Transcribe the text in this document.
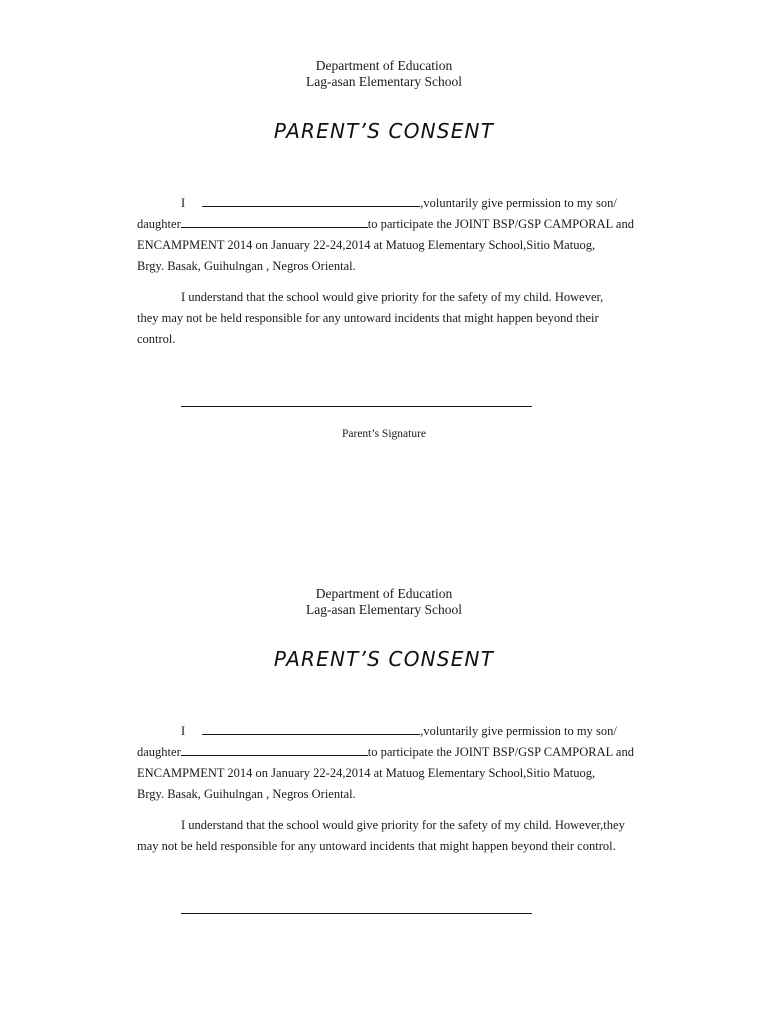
Department of Education
Lag-asan Elementary School
PARENT’S CONSENT
I	,voluntarily give permission to my son/
daughter	to participate the JOINT BSP/GSP CAMPORAL and
ENCAMPMENT 2014 on January 22-24,2014 at Matuog Elementary School,Sitio Matuog,
Brgy. Basak, Guihulngan , Negros Oriental.
I understand that the school would give priority for the safety of my child. However,
they may not be held responsible for any untoward incidents that might happen beyond their
control.
Parent’s Signature
Department of Education
Lag-asan Elementary School
PARENT’S CONSENT
I	,voluntarily give permission to my son/
daughter	to participate the JOINT BSP/GSP CAMPORAL and
ENCAMPMENT 2014 on January 22-24,2014 at Matuog Elementary School,Sitio Matuog,
Brgy. Basak, Guihulngan , Negros Oriental.
I understand that the school would give priority for the safety of my child. However,they
may not be held responsible for any untoward incidents that might happen beyond their control.
